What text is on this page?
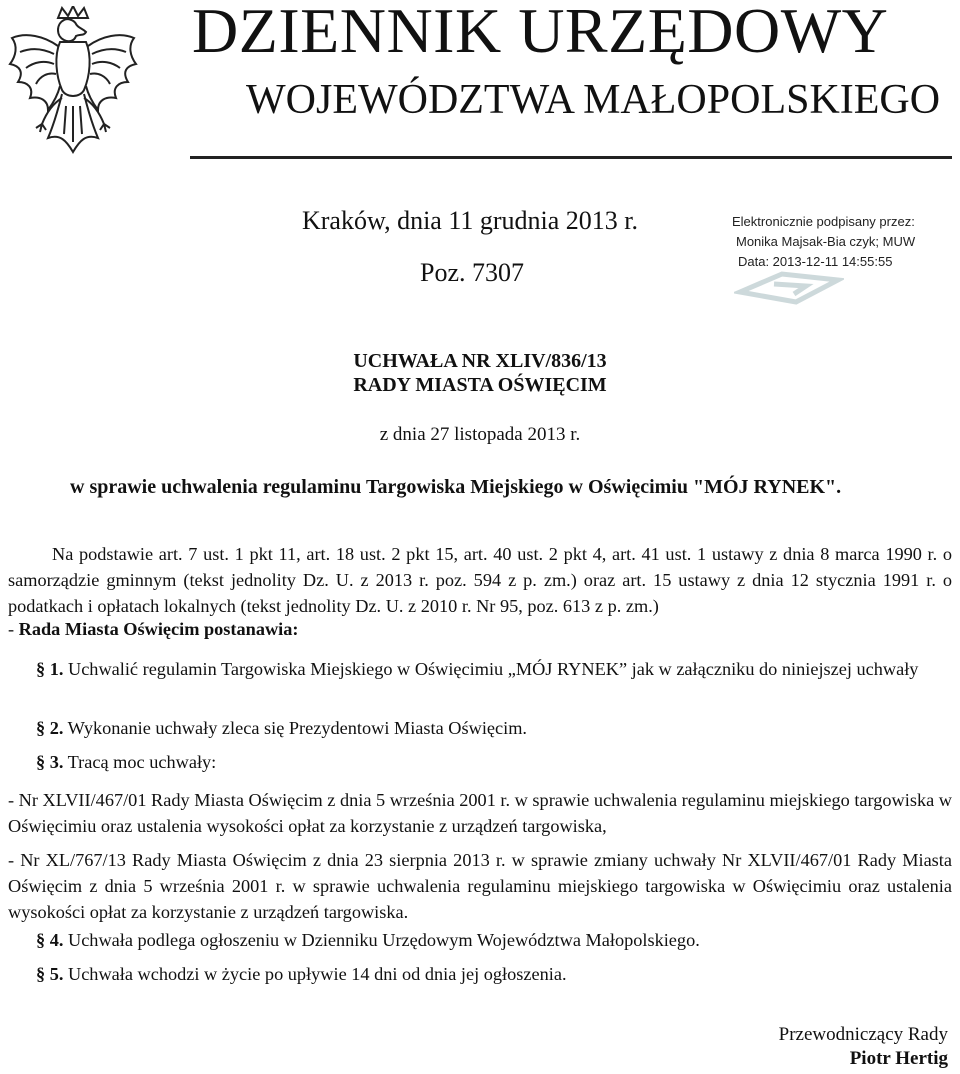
DZIENNIK URZĘDOWY
WOJEWÓDZTWA MAŁOPOLSKIEGO
Kraków, dnia 11 grudnia 2013 r.
Poz. 7307
Elektronicznie podpisany przez:
Monika Majsak-Bia czyk; MUW
Data: 2013-12-11 14:55:55
UCHWAŁA NR XLIV/836/13
RADY MIASTA OŚWIĘCIM
z dnia 27 listopada 2013 r.
w sprawie uchwalenia regulaminu Targowiska Miejskiego w Oświęcimiu "MÓJ RYNEK".
Na podstawie art. 7 ust. 1 pkt 11, art. 18 ust. 2 pkt 15, art. 40 ust. 2 pkt 4, art. 41 ust. 1 ustawy z dnia 8 marca 1990 r. o samorządzie gminnym (tekst jednolity Dz. U. z 2013 r. poz. 594 z p. zm.) oraz art. 15 ustawy z dnia 12 stycznia 1991 r. o podatkach i opłatach lokalnych (tekst jednolity Dz. U. z 2010 r. Nr 95, poz. 613 z p. zm.)
- Rada Miasta Oświęcim postanawia:
§ 1. Uchwalić regulamin Targowiska Miejskiego w Oświęcimiu „MÓJ RYNEK” jak w załączniku do niniejszej uchwały
§ 2. Wykonanie uchwały zleca się Prezydentowi Miasta Oświęcim.
§ 3. Tracą moc uchwały:
- Nr XLVII/467/01 Rady Miasta Oświęcim z dnia 5 września 2001 r. w sprawie uchwalenia regulaminu miejskiego targowiska w Oświęcimiu oraz ustalenia wysokości opłat za korzystanie z urządzeń targowiska,
- Nr XL/767/13 Rady Miasta Oświęcim z dnia 23 sierpnia 2013 r. w sprawie zmiany uchwały Nr XLVII/467/01 Rady Miasta Oświęcim z dnia 5 września 2001 r. w sprawie uchwalenia regulaminu miejskiego targowiska w Oświęcimiu oraz ustalenia wysokości opłat za korzystanie z urządzeń targowiska.
§ 4. Uchwała podlega ogłoszeniu w Dzienniku Urzędowym Województwa Małopolskiego.
§ 5. Uchwała wchodzi w życie po upływie 14 dni od dnia jej ogłoszenia.
Przewodniczący Rady
Piotr Hertig
